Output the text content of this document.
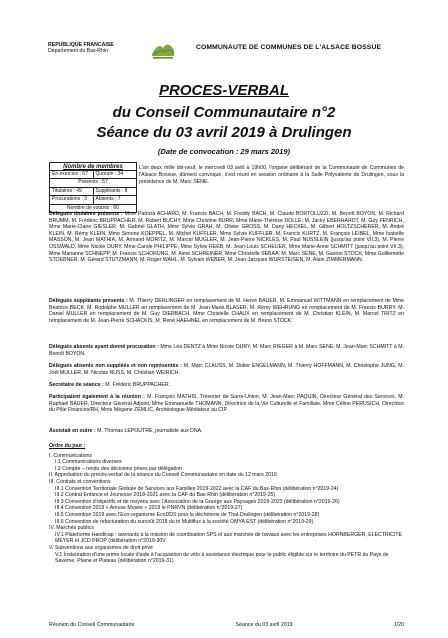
REPUBLIQUE FRANCAISE
Département du Bas-Rhin
COMMUNAUTE DE COMMUNES DE L'ALSACE BOSSUE
PROCES-VERBAL
du Conseil Communautaire n°2
Séance du 03 avril 2019 à Drulingen
(Date de convocation : 29 mars 2019)
Nombre de membres
En exercice : 67	Quorum : 34
Présents : 57
Titulaires : 49	Suppléants : 8
Procurations : 3	Absents : 7
Nombre de votants : 60
L'an deux mille dix-neuf, le mercredi 03 avril à 19h00, l'organe délibérant de la Communauté de Communes de l'Alsace Bossue, dûment convoqué, s'est réuni en session ordinaire à la Salle Polyvalente de Drulingen, sous la présidence de M. Marc SENE.
Délégués titulaires présents : Mme Patricia ACHARD, M. Francis BACH, M. Freddy BACH, M. Claude BORTOLUZZI, M. Benoît BOYON, M. Richard BRUMM, M. Frédéric BRUPPACHER, M. Robert BUCHY, Mme Christine BURR, Mme Marie-Thérèse DOLLE, M. Jacky EBERHARDT, M. Guy FENRICH, Mme Marie-Claire GIESLER, M. Gabriel GLATH, Mme Sylvie GRAH, M. Olivier GROSS, M. Dany HECKEL, M. Gilbert HOLTZSCHERER, M. André KLEIN, M. Rémy KLEIN, Mme Simone KOEPPEL, M. Michel KUFFLER, Mme Sylvie KUFFLER, M. Francis KURTZ, M. François LEIBEL, Mme Isabelle MASSON, M. Jean MATHIA, M. Armand MORITZ, M. Marcel MUGLER, M. Jean-Pierre NICKLES, M. Paul NUSSLEIN (jusqu'au point VII.3), M. Pierre OSSWALD, Mme Nicole OURY, Mme Carole PHILIPPE, Mme Sylvie REEB, M. Jean-Louis SCHEUER, Mme Marie-Anne SCHMITT (jusqu'au point VII.3), Mme Marianne SCHNEPP, M. Francis SCHORUNG, M. Aimé SCHREINER, Mme Christelle SEBAA, M. Marc SENE, M. Gaston STOCK, Mme Guillemette STOEBNER, M. Gérard STUTZMANN, M. Roger WAHL, M. Sylvain WEBER, M. Jean-Jacques WURSTEISEN, M. Alain ZIMMERMANN.
Délégués suppléants présents : M. Thierry DEHLINGER en remplacement de M. Hervé BAUER, M. Emmanuel WITTMANN en remplacement de Mme Béatrice BECK, M. Rodolphe MULLER en remplacement de M. Jean-Marie BLASER, M. Rémy WEHRUNG en remplacement de M. Francis BURRY, M. Daniel MULLER en remplacement de M. Guy DIERBACH, Mme Christelle CHAUX en remplacement de M. Christian KLEIN, M. Marcel TRITZ en remplacement de M. Jean-Pierre SCHACKIS, M. René HAEHNEL en remplacement de M. Bruno STOCK.
Délégués absents ayant donné procuration : Mme Léa DENTZ à Mme Nicole OURY, M. Marc RIEGER à M. Marc SENE, M. Jean-Marc SCHMITT à M. Benoît BOYON.
Délégués absents non suppléés et non représentés : M. Marc CLAUSS, M. Didier ENGELMANN, M. Thierry HOFFMANN, M. Christophe JUNG, M. Joël MULLER, M. Nicolas NUSS, M. Christian WEIRICH.
Secrétaire de séance : M. Frédéric BRUPPACHER.
Participaient également à la réunion : M. François MATHIS, Trésorier de Sarre-Union, M. Jean-Marc PAQUIN, Directeur Général des Services, M. Raphaël BAUER, Directeur Général Adjoint, Mme Emmanuelle THOMANN, Directrice de la Vie Culturelle et Familiale, Mme Céline PERUSICH, Directrice du Pôle Finances/RH, Mme Mégane ZEMLIC, Archéologue-Médiateur au CIP.
Assistait en outre : M. Thomas LEPOUTRE, journaliste aux DNA.
Ordre du jour :
I. Communications
I.1 Communications diverses
I.2 Compte – rendu des décisions prises par délégation
II. Approbation du procès-verbal de la séance du Conseil Communautaire en date du 12 mars 2019
III. Contrats et conventions
III.1 Convention Territoriale Globale de Services aux Familles 2019-2022 avec la CAF du Bas-Rhin (délibération n°2019-24)
III.2 Contrat Enfance et Jeunesse 2018-2021 avec la CAF du Bas-Rhin (délibération n°2019-25)
III.3 Convention d'objectifs et de moyens avec l'Association de la Grange aux Paysages 2019-2023 (délibération n°2019-26)
III.4 Convention 2019 « Amuse Musée » 2019 le PNRVN (délibération n°2019-27)
III.5 Convention 2019 avec l'Eco-organisme EcoDDS pour la déchèterie de Thal-Drulingen (délibération n°2019-28)
III.6 Convention de refacturation du surcoût 2018 du tri Multiflux à la société OMYA EST (délibération n°2019-29)
IV. Marchés publics
IV.1 Plateforme Handicap : avenants à la mission de coordination SPS et aux marchés de travaux avec les entreprises HORNBERGER, ELECTRICITE MEYER et JCD PROP (délibération n°2019-30V.
V. Subventions aux organismes de droit privé
V.1 Instauration d'une prime locale d'aide à l'acquisition de vélo à assistance électrique pour le public éligible sur le territoire du PETR du Pays de Saverne, Plaine et Plateau (délibération n°2019-31)
Réunion du Conseil Communautaire	Séance du 03 avril 2019	1/20
